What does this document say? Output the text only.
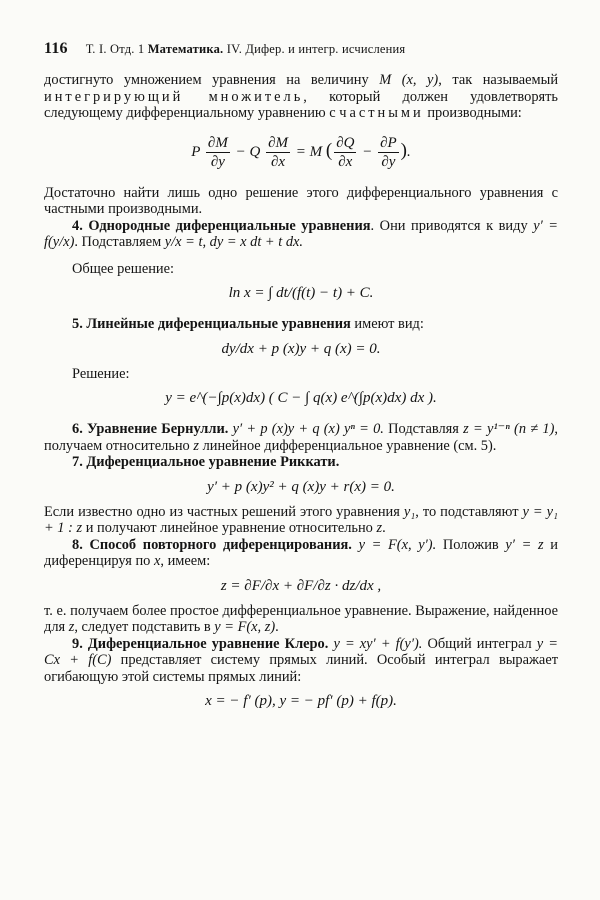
116 Т. I. Отд. 1 Математика. IV. Дифер. и интегр. исчисления

достигнуто умножением уравнения на величину M (x, y), так называемый интегрирующий множитель, который должен удовлетворять следующему дифференциальному уравнению с частными производными:

P $\frac{\partial M}{\partial y} - Q \frac{\partial M}{\partial x} = M$ ( $\frac{\partial Q}{\partial x} - \frac{\partial P}{\partial y}$ ).

Достаточно найти лишь одно решение этого дифференциального уравнения с частными производными.

4. Однородные диференциальные уравнения. Они приводятся к виду y′ = f(y/x). Подставляем y/x = t, dy = x dt + t dx.

Общее решение:

ln x = ∫ dt/(f(t) − t) + C.

5. Линейные диференциальные уравнения имеют вид:

dy/dx + p (x)y + q (x) = 0.

Решение:

y = e^(−∫p(x)dx) ( C − ∫ q(x) e^(∫p(x)dx) dx ).

6. Уравнение Бернулли. y′ + p (x)y + q (x) yⁿ = 0. Подставляя z = y¹⁻ⁿ (n ≠ 1), получаем относительно z линейное дифференциальное уравнение (см. 5).

7. Диференциальное уравнение Риккати.

y′ + p (x)y² + q (x)y + r(x) = 0.

Если известно одно из частных решений этого уравнения y₁, то подставляют y = y₁ + 1 : z и получают линейное уравнение относительно z.

8. Способ повторного диференцирования. y = F(x, y′). Положив y′ = z и диференцируя по x, имеем:

z = ∂F/∂x + ∂F/∂z · dz/dx ,

т. е. получаем более простое дифференциальное уравнение. Выражение, найденное для z, следует подставить в y = F(x, z).

9. Диференциальное уравнение Клеро. y = xy′ + f(y′). Общий интеграл y = Cx + f(C) представляет систему прямых линий. Особый интеграл выражает огибающую этой системы прямых линий:

x = − f′ (p), y = − pf′ (p) + f(p).
